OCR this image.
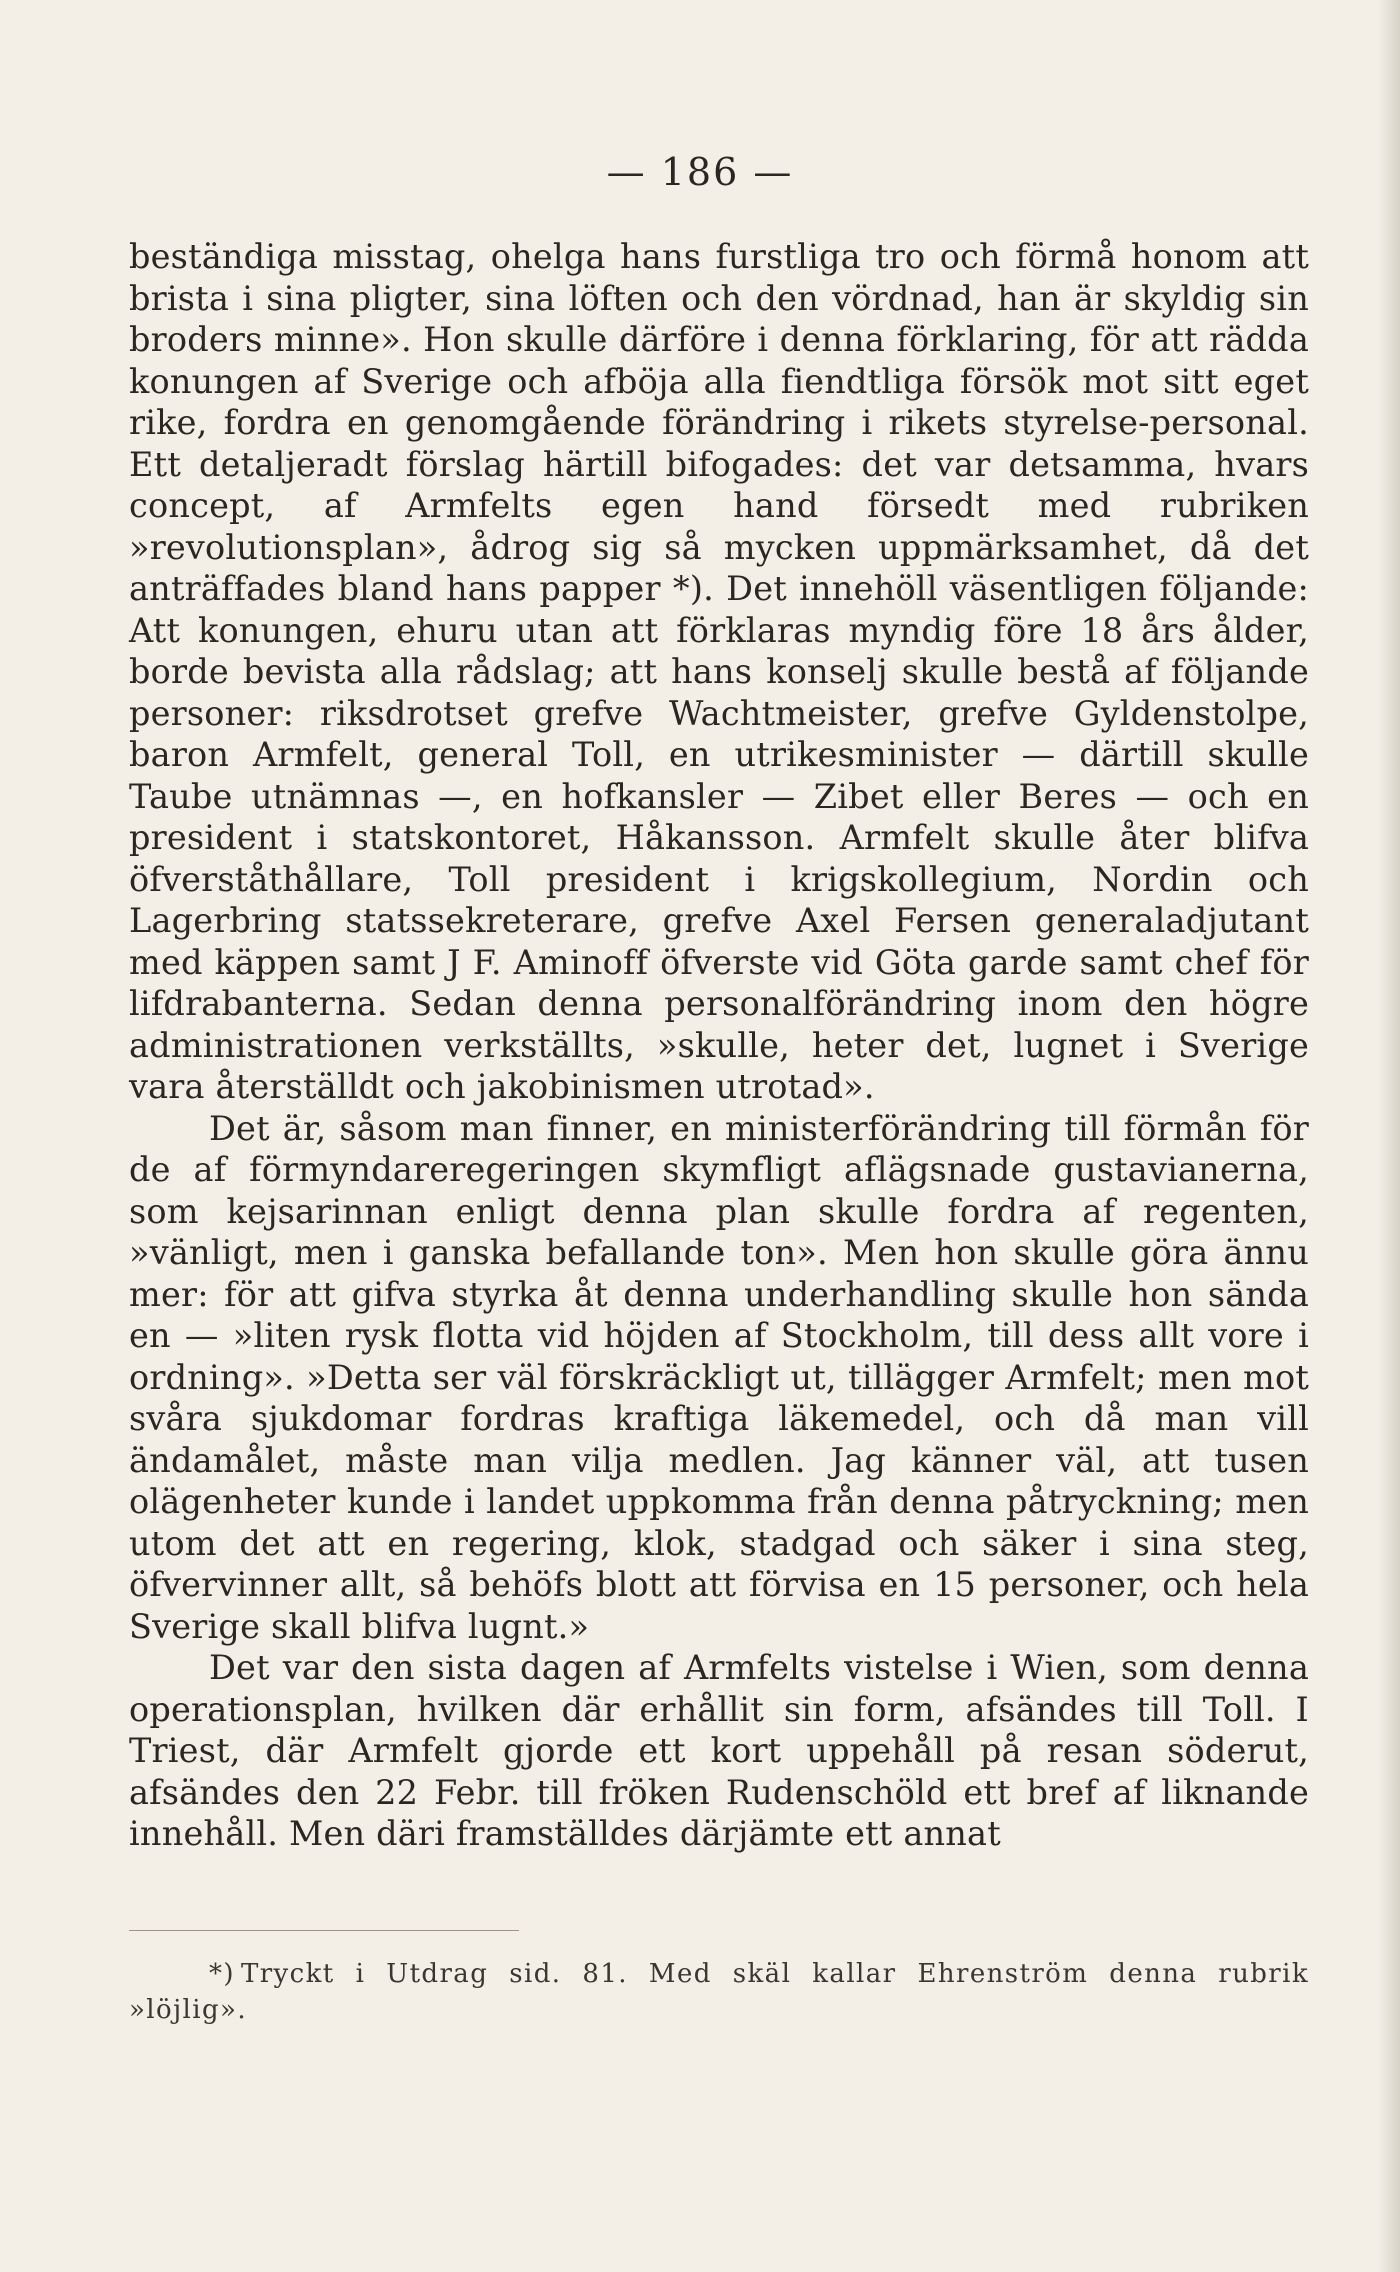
— 186 —

beständiga misstag, ohelga hans furstliga tro och förmå honom att brista i sina pligter, sina löften och den vördnad, han är skyldig sin broders minne». Hon skulle därföre i denna förklaring, för att rädda konungen af Sverige och afböja alla fiendtliga försök mot sitt eget rike, fordra en genomgående förändring i rikets styrelse-personal. Ett detaljeradt förslag härtill bifogades: det var detsamma, hvars concept, af Armfelts egen hand försedt med rubriken »revolutionsplan», ådrog sig så mycken uppmärksamhet, då det anträffades bland hans papper *). Det innehöll väsentligen följande: Att konungen, ehuru utan att förklaras myndig före 18 års ålder, borde bevista alla rådslag; att hans konselj skulle bestå af följande personer: riksdrotset grefve Wachtmeister, grefve Gyldenstolpe, baron Armfelt, general Toll, en utrikesminister — därtill skulle Taube utnämnas —, en hofkansler — Zibet eller Beres — och en president i statskontoret, Håkansson. Armfelt skulle åter blifva öfverståthållare, Toll president i krigskollegium, Nordin och Lagerbring statssekreterare, grefve Axel Fersen generaladjutant med käppen samt J F. Aminoff öfverste vid Göta garde samt chef för lifdrabanterna. Sedan denna personalförändring inom den högre administrationen verkställts, »skulle, heter det, lugnet i Sverige vara återställdt och jakobinismen utrotad».

Det är, såsom man finner, en ministerförändring till förmån för de af förmyndareregeringen skymfligt aflägsnade gustavianerna, som kejsarinnan enligt denna plan skulle fordra af regenten, »vänligt, men i ganska befallande ton». Men hon skulle göra ännu mer: för att gifva styrka åt denna underhandling skulle hon sända en — »liten rysk flotta vid höjden af Stockholm, till dess allt vore i ordning». »Detta ser väl förskräckligt ut, tillägger Armfelt; men mot svåra sjukdomar fordras kraftiga läkemedel, och då man vill ändamålet, måste man vilja medlen. Jag känner väl, att tusen olägenheter kunde i landet uppkomma från denna påtryckning; men utom det att en regering, klok, stadgad och säker i sina steg, öfvervinner allt, så behöfs blott att förvisa en 15 personer, och hela Sverige skall blifva lugnt.»

Det var den sista dagen af Armfelts vistelse i Wien, som denna operationsplan, hvilken där erhållit sin form, afsändes till Toll. I Triest, där Armfelt gjorde ett kort uppehåll på resan söderut, afsändes den 22 Febr. till fröken Rudenschöld ett bref af liknande innehåll. Men däri framställdes därjämte ett annat

*) Tryckt i Utdrag sid. 81. Med skäl kallar Ehrenström denna rubrik »löjlig».
